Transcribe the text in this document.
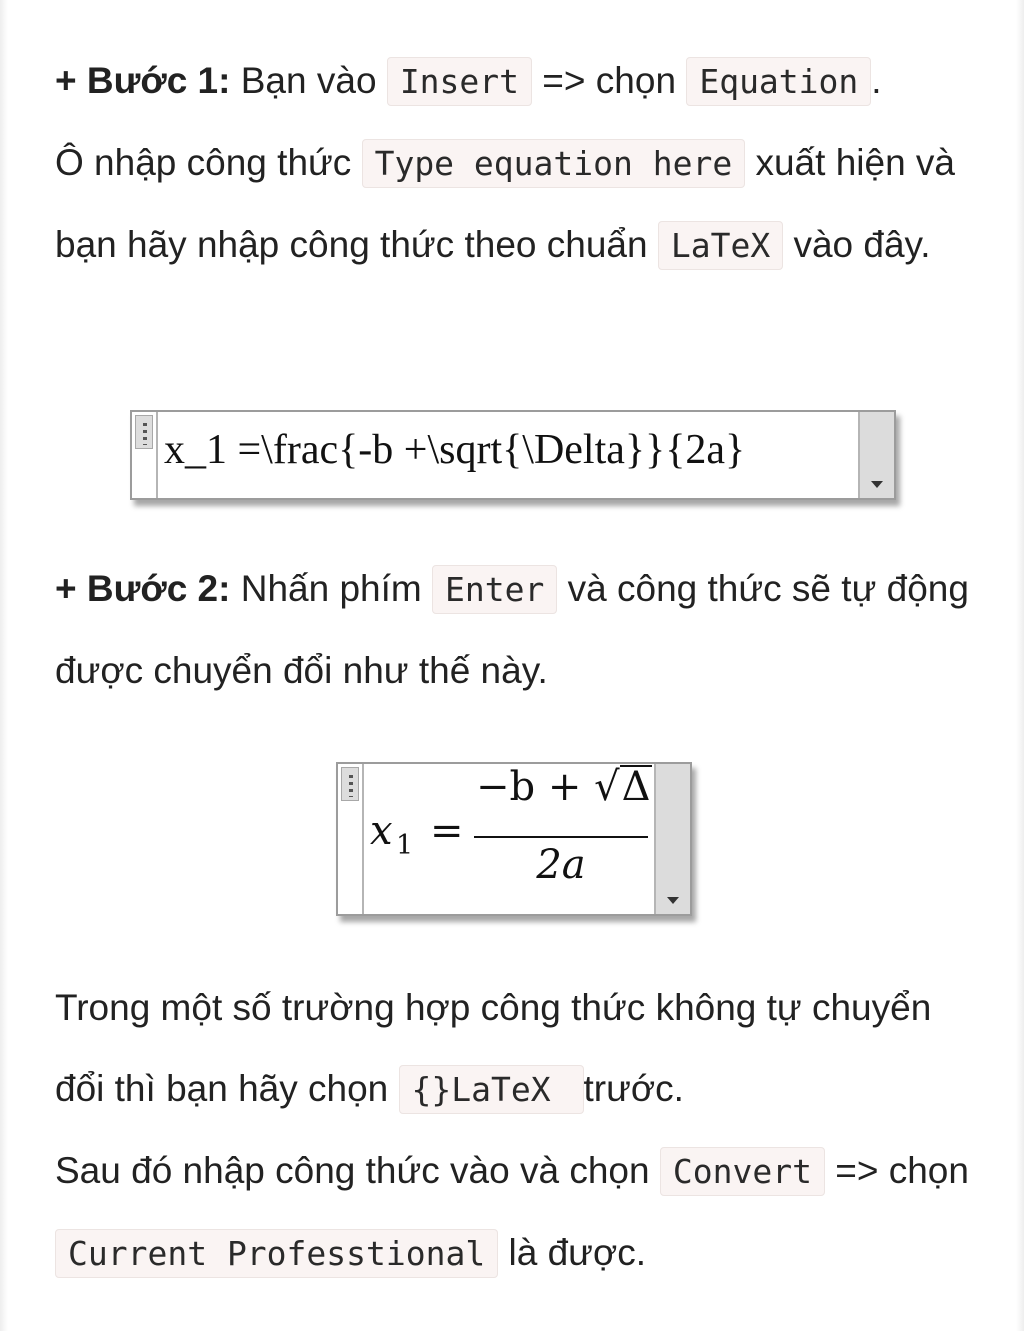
+ Bước 1: Bạn vào Insert => chọn Equation .
Ô nhập công thức Type equation here xuất hiện và bạn hãy nhập công thức theo chuẩn LaTeX vào đây.

x_1 =\frac{-b +\sqrt{\Delta}}{2a}

+ Bước 2: Nhấn phím Enter và công thức sẽ tự động được chuyển đổi như thế này.

x 1 =
−b + √Δ
2a

Trong một số trường hợp công thức không tự chuyển đổi thì bạn hãy chọn {}LaTeX trước.
Sau đó nhập công thức vào và chọn Convert => chọn Current Professtional là được.
